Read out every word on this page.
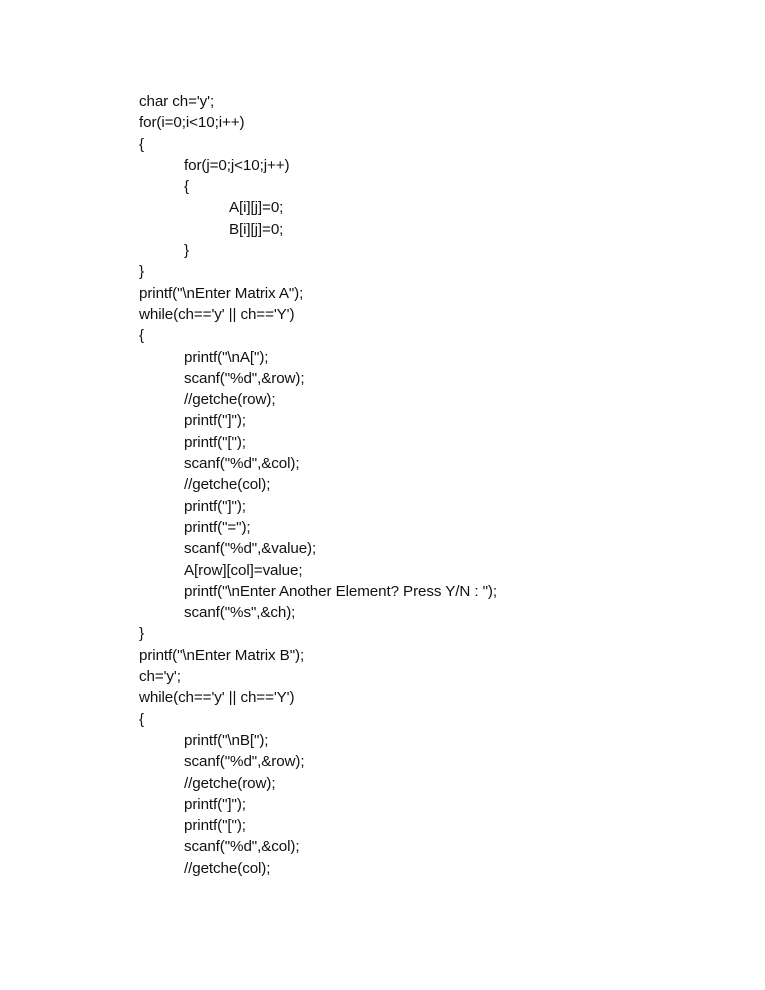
char ch='y';
for(i=0;i<10;i++)
{
for(j=0;j<10;j++)
{
A[i][j]=0;
B[i][j]=0;
}
}
printf("\nEnter Matrix A");
while(ch=='y' || ch=='Y')
{
printf("\nA[");
scanf("%d",&row);
//getche(row);
printf("]");
printf("[");
scanf("%d",&col);
//getche(col);
printf("]");
printf("=");
scanf("%d",&value);
A[row][col]=value;
printf("\nEnter Another Element? Press Y/N : ");
scanf("%s",&ch);
}
printf("\nEnter Matrix B");
ch='y';
while(ch=='y' || ch=='Y')
{
printf("\nB[");
scanf("%d",&row);
//getche(row);
printf("]");
printf("[");
scanf("%d",&col);
//getche(col);
